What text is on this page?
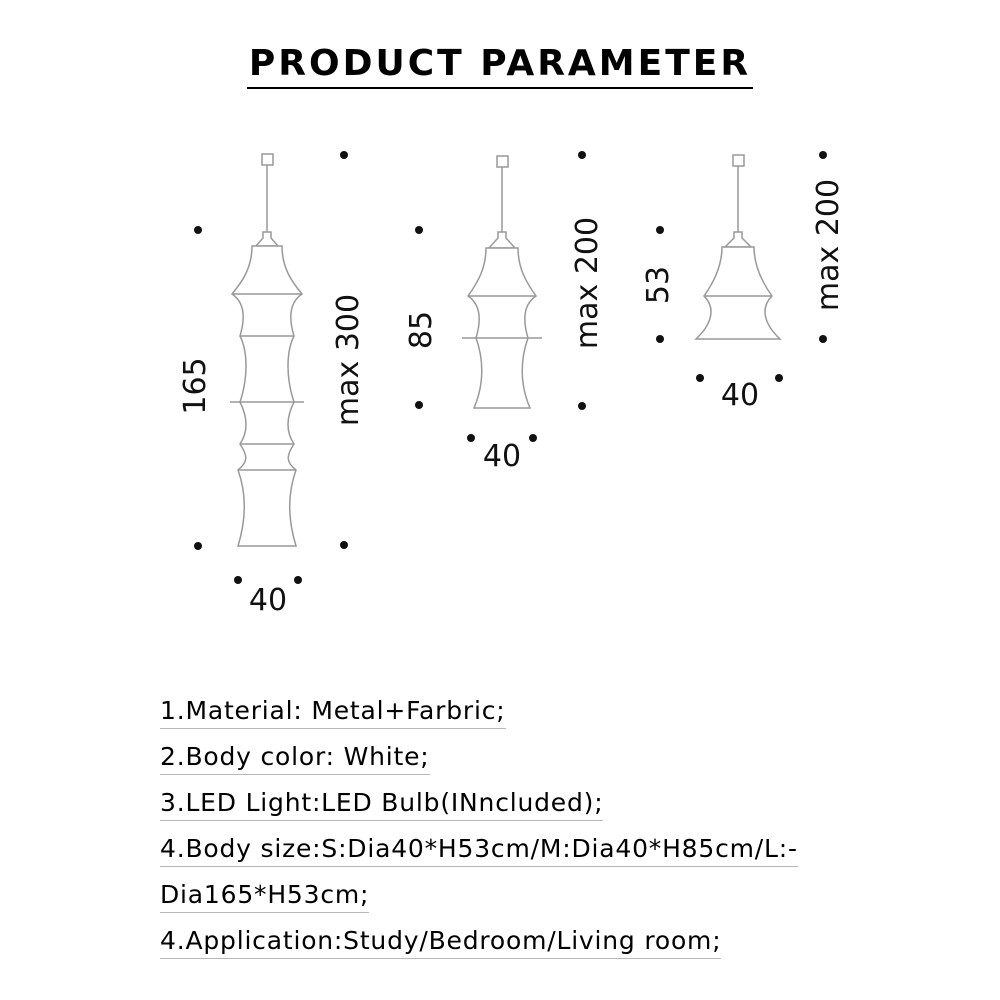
PRODUCT PARAMETER
165	max 300
40
85	max 200
40
53	max 200
40
1.Material: Metal+Farbric;
2.Body color: White;
3.LED Light:LED Bulb(INncluded);
4.Body size:S:Dia40*H53cm/M:Dia40*H85cm/L:-
Dia165*H53cm;
4.Application:Study/Bedroom/Living room;
